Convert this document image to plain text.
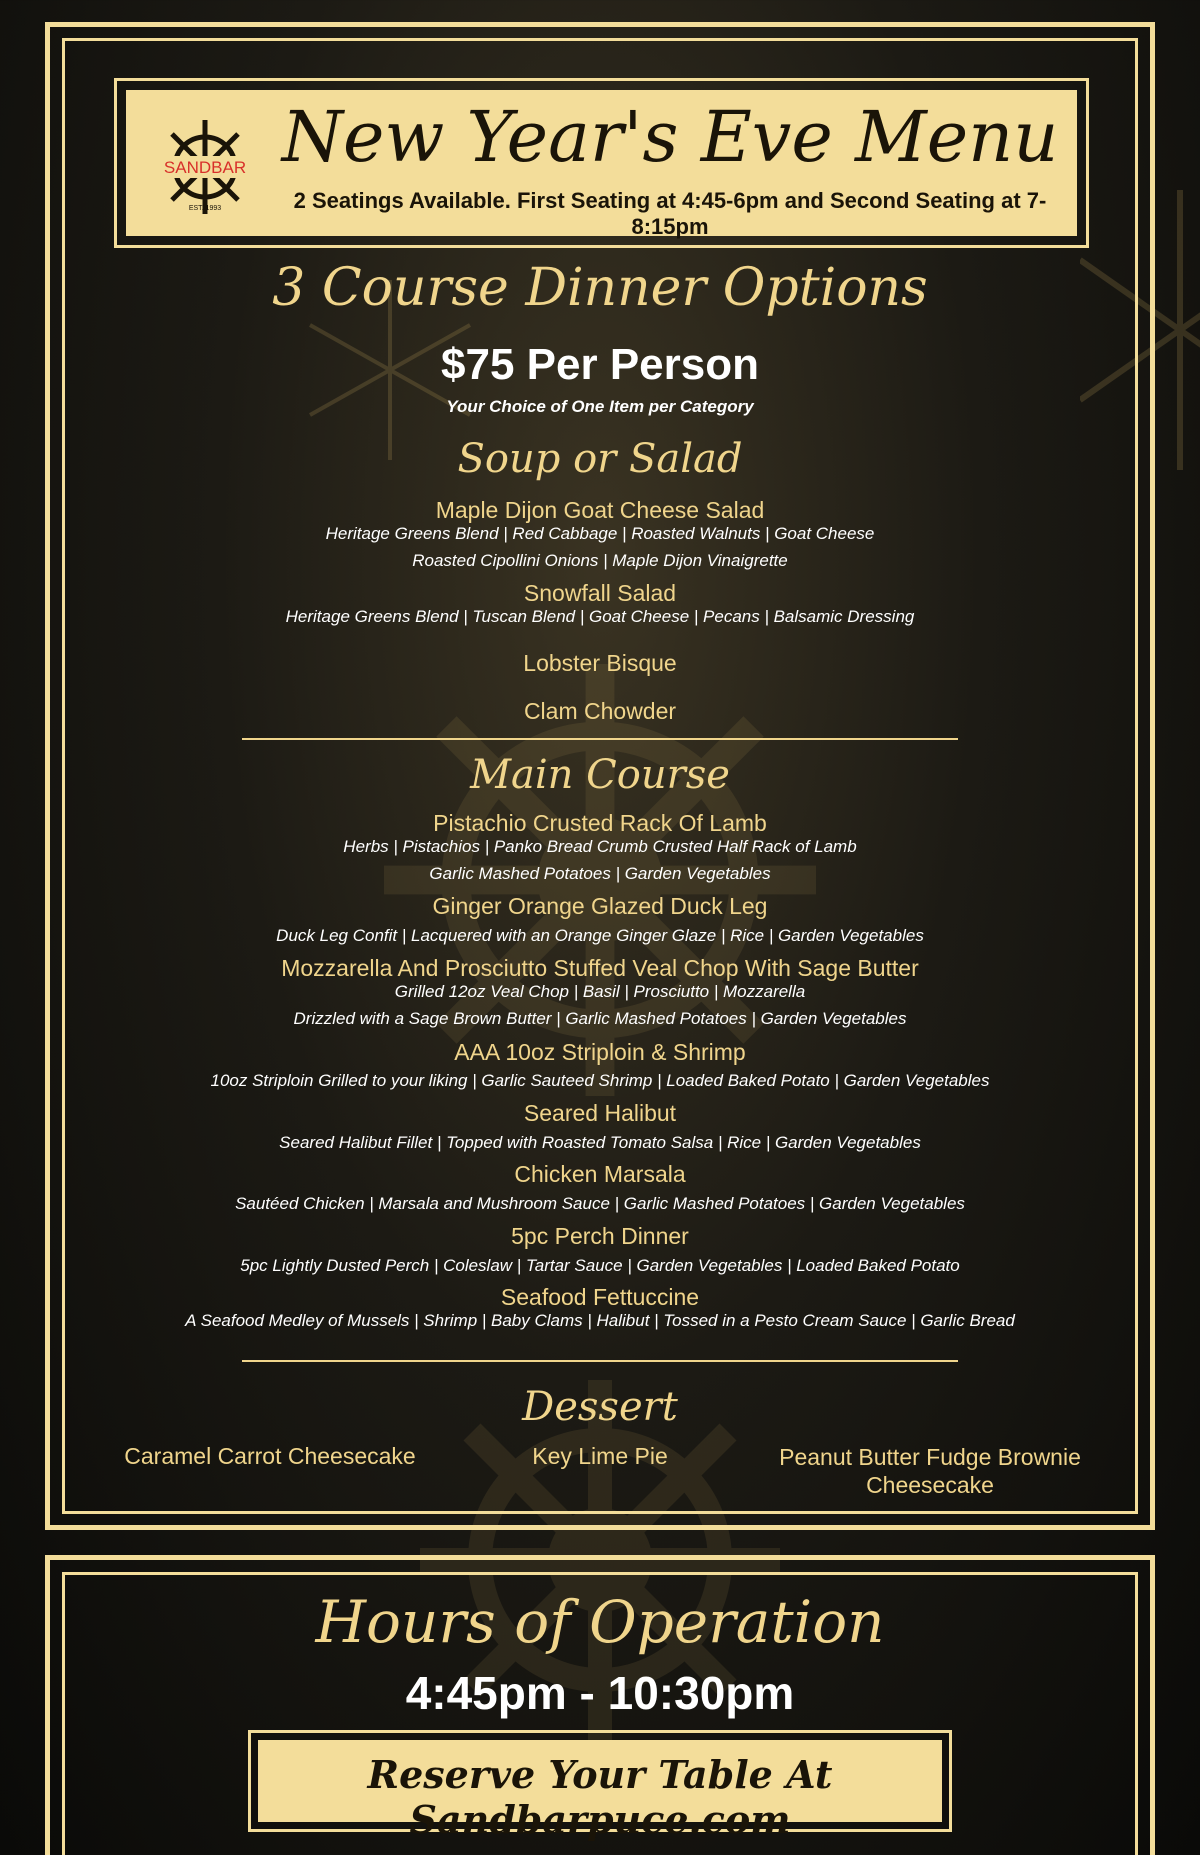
SANDBAR
EST. 1993
New Year's Eve Menu
2 Seatings Available. First Seating at 4:45-6pm and Second Seating at 7-8:15pm
3 Course Dinner Options
$75 Per Person
Your Choice of One Item per Category
Soup or Salad
Maple Dijon Goat Cheese Salad
Heritage Greens Blend | Red Cabbage | Roasted Walnuts | Goat Cheese
Roasted Cipollini Onions | Maple Dijon Vinaigrette
Snowfall Salad
Heritage Greens Blend | Tuscan Blend | Goat Cheese | Pecans | Balsamic Dressing
Lobster Bisque
Clam Chowder
Main Course
Pistachio Crusted Rack Of Lamb
Herbs | Pistachios | Panko Bread Crumb Crusted Half Rack of Lamb
Garlic Mashed Potatoes | Garden Vegetables
Ginger Orange Glazed Duck Leg
Duck Leg Confit | Lacquered with an Orange Ginger Glaze | Rice | Garden Vegetables
Mozzarella And Prosciutto Stuffed Veal Chop With Sage Butter
Grilled 12oz Veal Chop | Basil | Prosciutto | Mozzarella
Drizzled with a Sage Brown Butter | Garlic Mashed Potatoes | Garden Vegetables
AAA 10oz Striploin & Shrimp
10oz Striploin Grilled to your liking | Garlic Sauteed Shrimp | Loaded Baked Potato | Garden Vegetables
Seared Halibut
Seared Halibut Fillet | Topped with Roasted Tomato Salsa | Rice | Garden Vegetables
Chicken Marsala
Sautéed Chicken | Marsala and Mushroom Sauce | Garlic Mashed Potatoes | Garden Vegetables
5pc Perch Dinner
5pc Lightly Dusted Perch | Coleslaw | Tartar Sauce | Garden Vegetables | Loaded Baked Potato
Seafood Fettuccine
A Seafood Medley of Mussels | Shrimp | Baby Clams | Halibut | Tossed in a Pesto Cream Sauce | Garlic Bread
Dessert
Caramel Carrot Cheesecake	Key Lime Pie	Peanut Butter Fudge Brownie Cheesecake
Hours of Operation
4:45pm - 10:30pm
Reserve Your Table At Sandbarpuce.com
